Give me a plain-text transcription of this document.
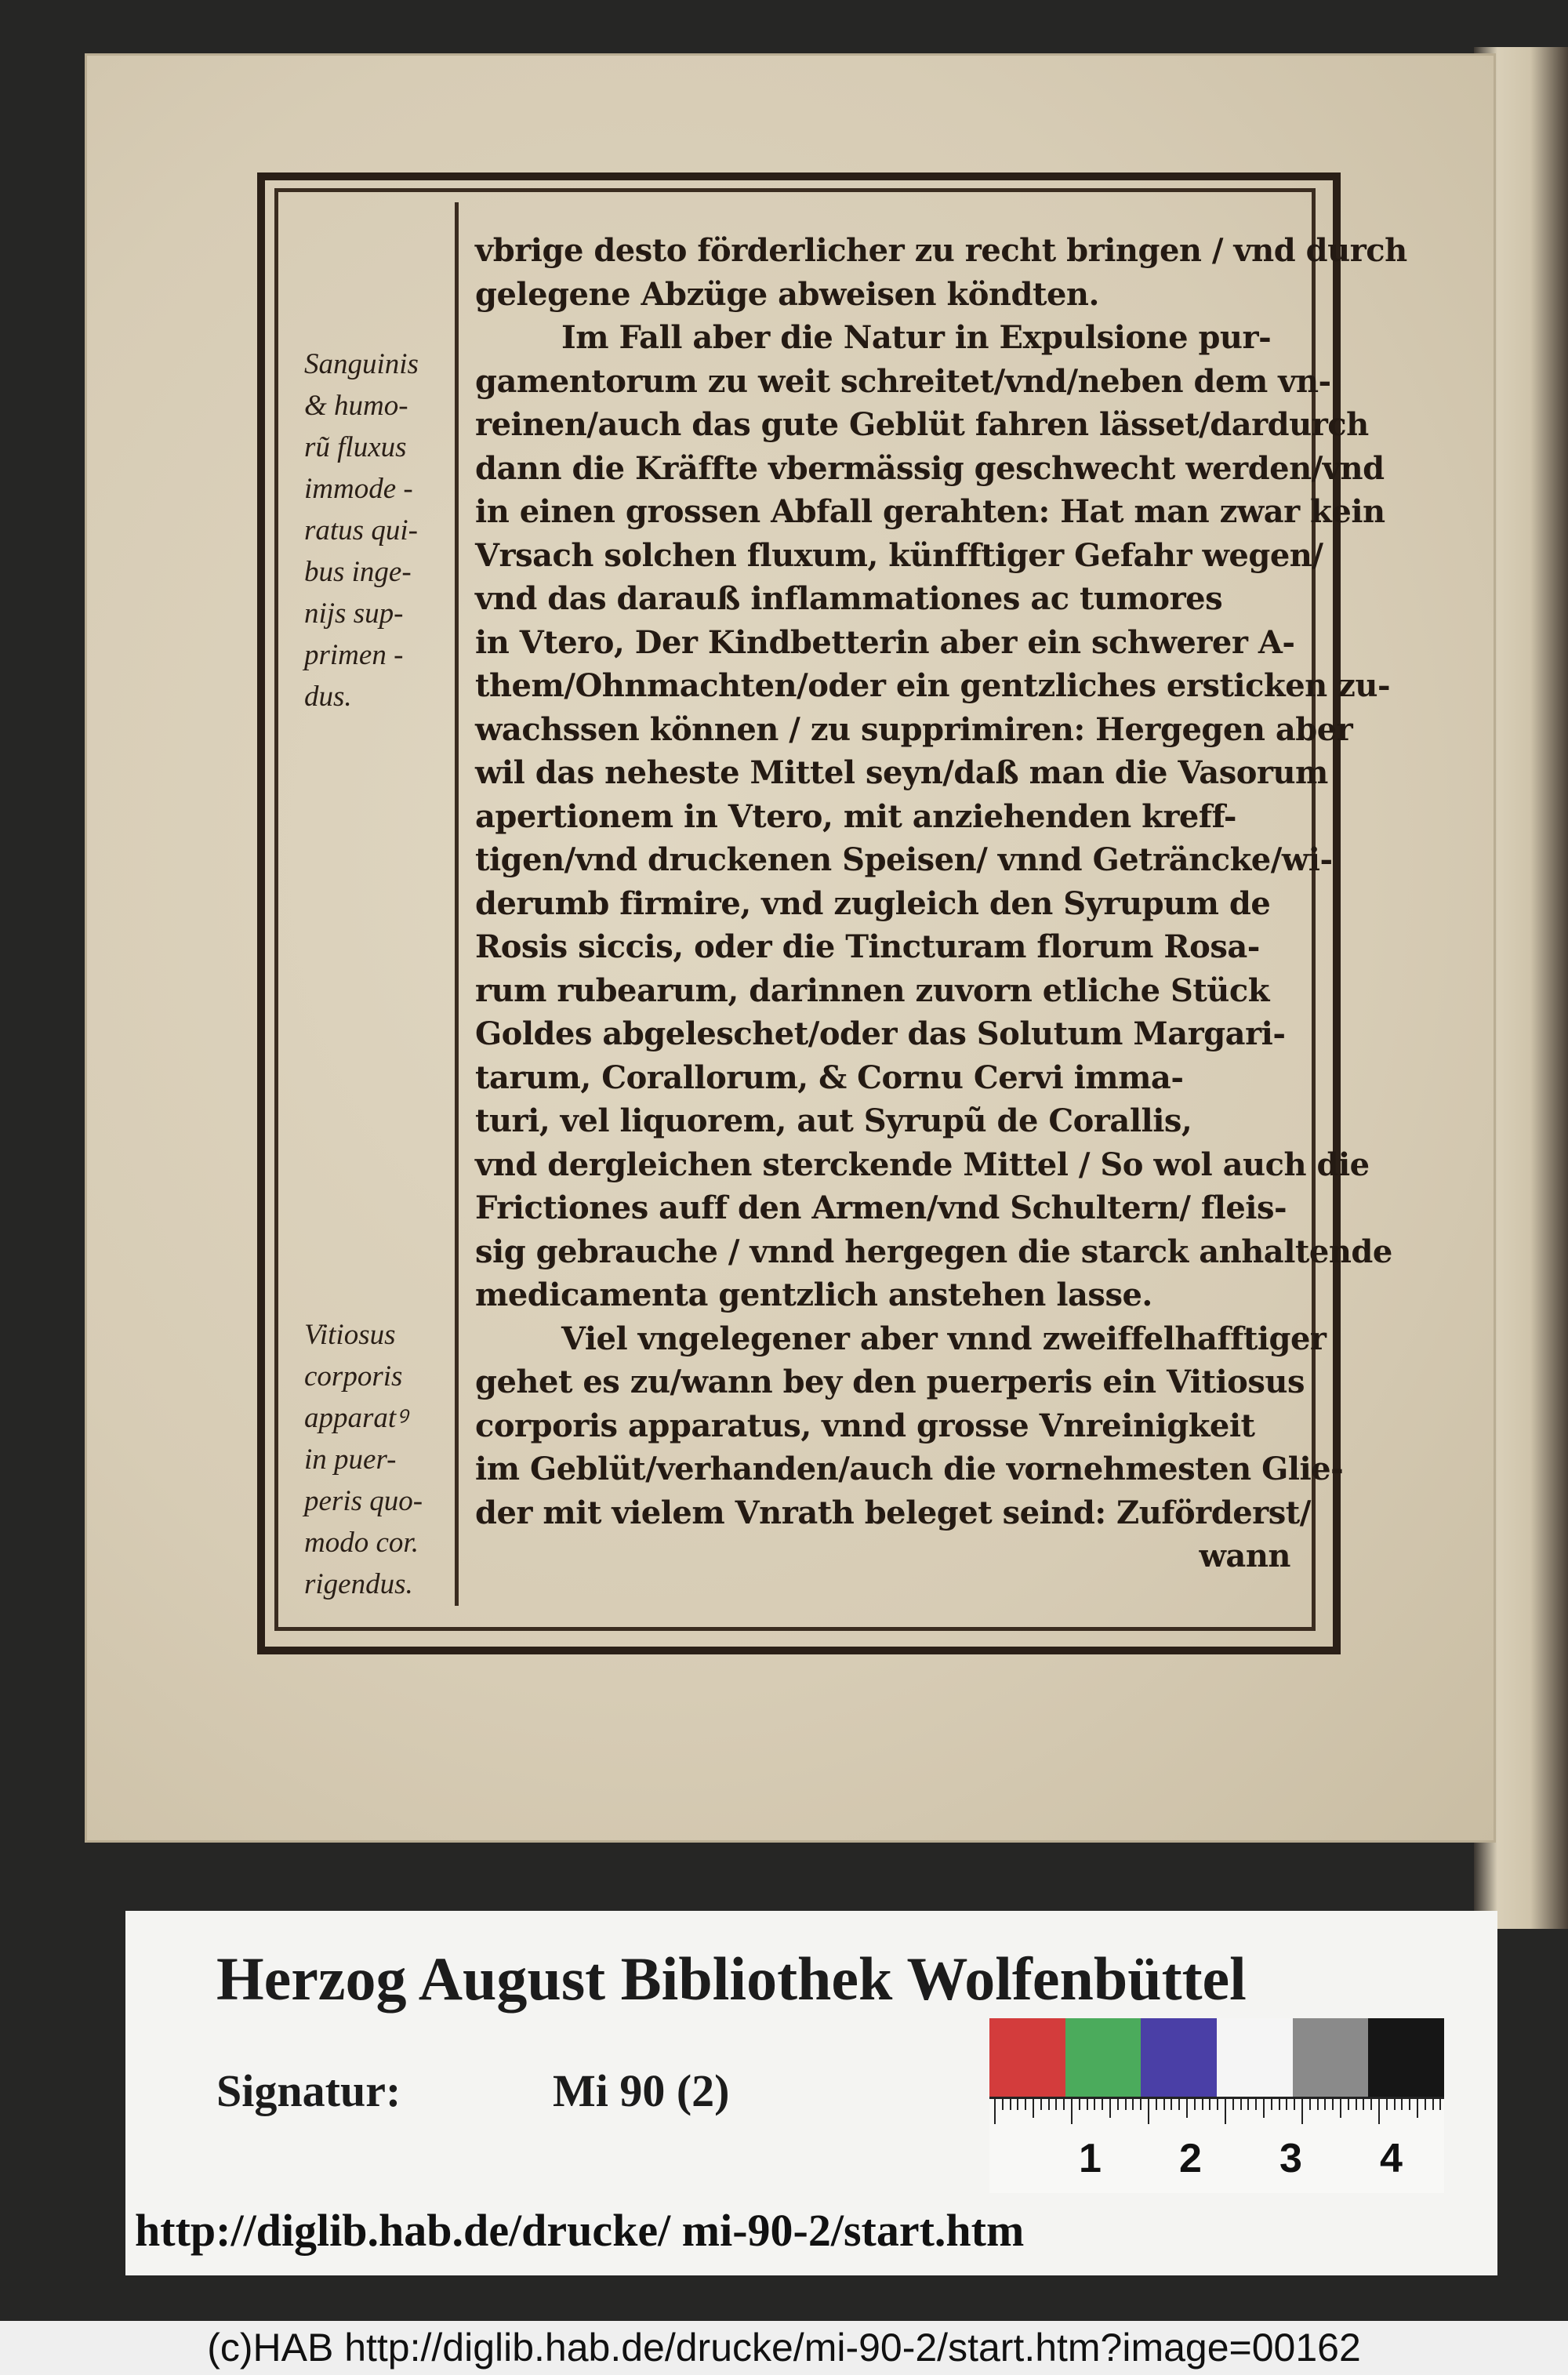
Sanguinis
& humo-
rũ fluxus
immode -
ratus qui-
bus inge-
nijs sup-
primen -
dus.
Vitiosus
corporis
apparatꝰ
in puer-
peris quo-
modo cor.
rigendus.
vbrige desto förderlicher zu recht bringen / vnd durch
gelegene Abzüge abweisen köndten.
Im Fall aber die Natur in Expulsione pur-
gamentorum zu weit schreitet/vnd/neben dem vn-
reinen/auch das gute Geblüt fahren lässet/dardurch
dann die Kräffte vbermässig geschwecht werden/vnd
in einen grossen Abfall gerahten: Hat man zwar kein
Vrsach solchen fluxum, künfftiger Gefahr wegen/
vnd das darauß inflammationes ac tumores
in Vtero, Der Kindbetterin aber ein schwerer A-
them/Ohnmachten/oder ein gentzliches ersticken zu-
wachssen können / zu supprimiren: Hergegen aber
wil das neheste Mittel seyn/daß man die Vasorum
apertionem in Vtero, mit anziehenden kreff-
tigen/vnd druckenen Speisen/ vnnd Geträncke/wi-
derumb firmire, vnd zugleich den Syrupum de
Rosis siccis, oder die Tincturam florum Rosa-
rum rubearum, darinnen zuvorn etliche Stück
Goldes abgeleschet/oder das Solutum Margari-
tarum, Corallorum, & Cornu Cervi imma-
turi, vel liquorem, aut Syrupũ de Corallis,
vnd dergleichen sterckende Mittel / So wol auch die
Frictiones auff den Armen/vnd Schultern/ fleis-
sig gebrauche / vnnd hergegen die starck anhaltende
medicamenta gentzlich anstehen lasse.
Viel vngelegener aber vnnd zweiffelhafftiger
gehet es zu/wann bey den puerperis ein Vitiosus
corporis apparatus, vnnd grosse Vnreinigkeit
im Geblüt/verhanden/auch die vornehmesten Glie-
der mit vielem Vnrath beleget seind: Zuförderst/
wann
Herzog August Bibliothek Wolfenbüttel
Signatur:	Mi 90 (2)
1 2 3 4
http://diglib.hab.de/drucke/ mi-90-2/start.htm
(c)HAB http://diglib.hab.de/drucke/mi-90-2/start.htm?image=00162
